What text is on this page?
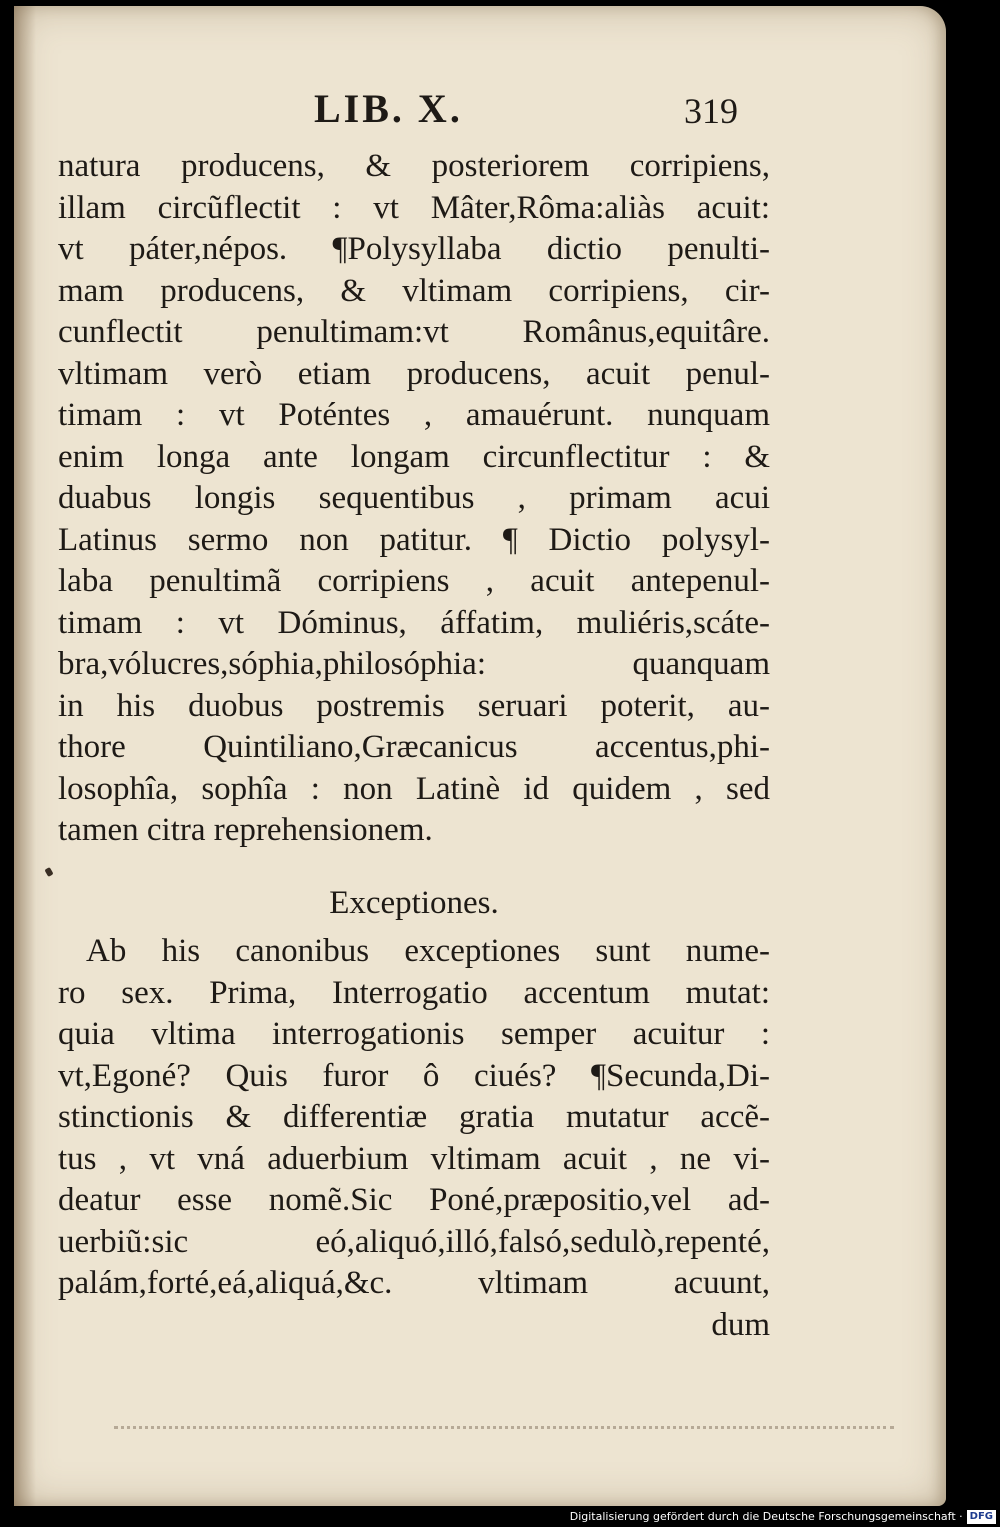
LIB. X.	319
natura producens, & posteriorem corripiens,
illam circũflectit : vt Mâter,Rôma:aliàs acuit:
vt páter,népos. ¶Polysyllaba dictio penulti-
mam producens, & vltimam corripiens, cir-
cunflectit penultimam:vt Românus,equitâre.
vltimam verò etiam producens, acuit penul-
timam : vt Poténtes , amauérunt. nunquam
enim longa ante longam circunflectitur : &
duabus longis sequentibus , primam acui
Latinus sermo non patitur. ¶ Dictio polysyl-
laba penultimã corripiens , acuit antepenul-
timam : vt Dóminus, áffatim, muliéris,scáte-
bra,vólucres,sóphia,philosóphia: quanquam
in his duobus postremis seruari poterit, au-
thore Quintiliano,Græcanicus accentus,phi-
losophîa, sophîa : non Latinè id quidem , sed
tamen citra reprehensionem.
Exceptiones.
Ab his canonibus exceptiones sunt nume-
ro sex. Prima, Interrogatio accentum mutat:
quia vltima interrogationis semper acuitur :
vt,Egoné? Quis furor ô ciués? ¶Secunda,Di-
stinctionis & differentiæ gratia mutatur accẽ-
tus , vt vná aduerbium vltimam acuit , ne vi-
deatur esse nomẽ.Sic Poné,præpositio,vel ad-
uerbiũ:sic eó,aliquó,illó,falsó,sedulò,repenté,
palám,forté,eá,aliquá,&c. vltimam acuunt,
dum
Digitalisierung gefördert durch die Deutsche Forschungsgemeinschaft · DFG
